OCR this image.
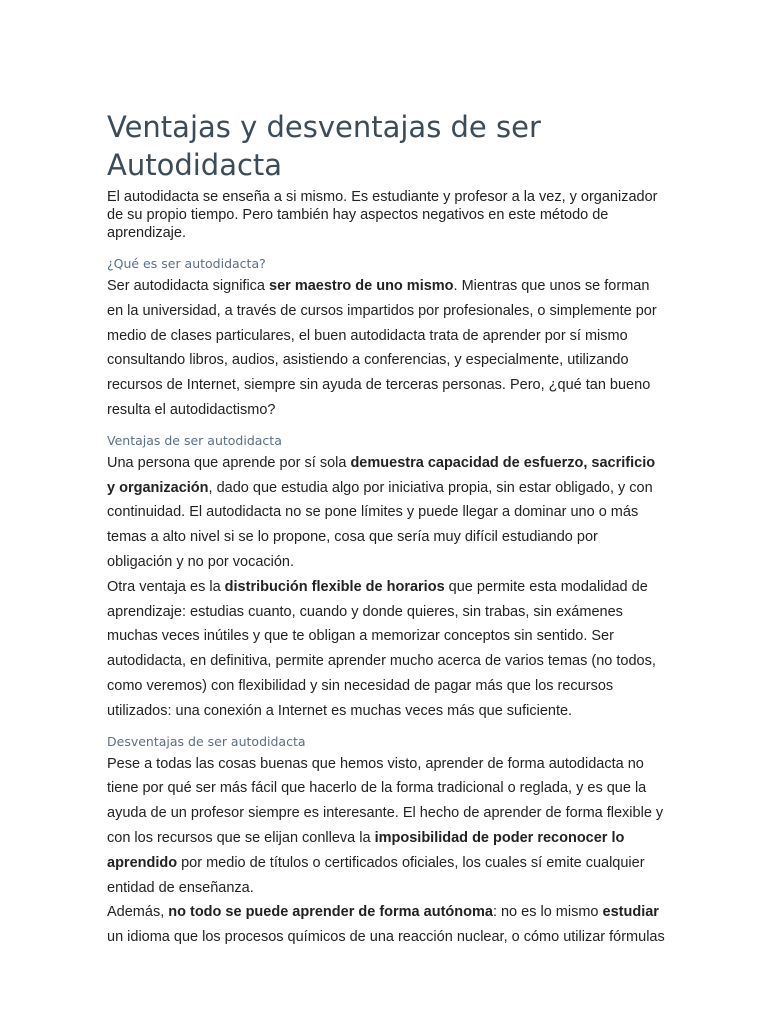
Ventajas y desventajas de ser Autodidacta

El autodidacta se enseña a si mismo. Es estudiante y profesor a la vez, y organizador de su propio tiempo. Pero también hay aspectos negativos en este método de aprendizaje.

¿Qué es ser autodidacta?

Ser autodidacta significa ser maestro de uno mismo. Mientras que unos se forman en la universidad, a través de cursos impartidos por profesionales, o simplemente por medio de clases particulares, el buen autodidacta trata de aprender por sí mismo consultando libros, audios, asistiendo a conferencias, y especialmente, utilizando recursos de Internet, siempre sin ayuda de terceras personas. Pero, ¿qué tan bueno resulta el autodidactismo?

Ventajas de ser autodidacta

Una persona que aprende por sí sola demuestra capacidad de esfuerzo, sacrificio y organización, dado que estudia algo por iniciativa propia, sin estar obligado, y con continuidad. El autodidacta no se pone límites y puede llegar a dominar uno o más temas a alto nivel si se lo propone, cosa que sería muy difícil estudiando por obligación y no por vocación.

Otra ventaja es la distribución flexible de horarios que permite esta modalidad de aprendizaje: estudias cuanto, cuando y donde quieres, sin trabas, sin exámenes muchas veces inútiles y que te obligan a memorizar conceptos sin sentido. Ser autodidacta, en definitiva, permite aprender mucho acerca de varios temas (no todos, como veremos) con flexibilidad y sin necesidad de pagar más que los recursos utilizados: una conexión a Internet es muchas veces más que suficiente.

Desventajas de ser autodidacta

Pese a todas las cosas buenas que hemos visto, aprender de forma autodidacta no tiene por qué ser más fácil que hacerlo de la forma tradicional o reglada, y es que la ayuda de un profesor siempre es interesante. El hecho de aprender de forma flexible y con los recursos que se elijan conlleva la imposibilidad de poder reconocer lo aprendido por medio de títulos o certificados oficiales, los cuales sí emite cualquier entidad de enseñanza.

Además, no todo se puede aprender de forma autónoma: no es lo mismo estudiar un idioma que los procesos químicos de una reacción nuclear, o cómo utilizar fórmulas
